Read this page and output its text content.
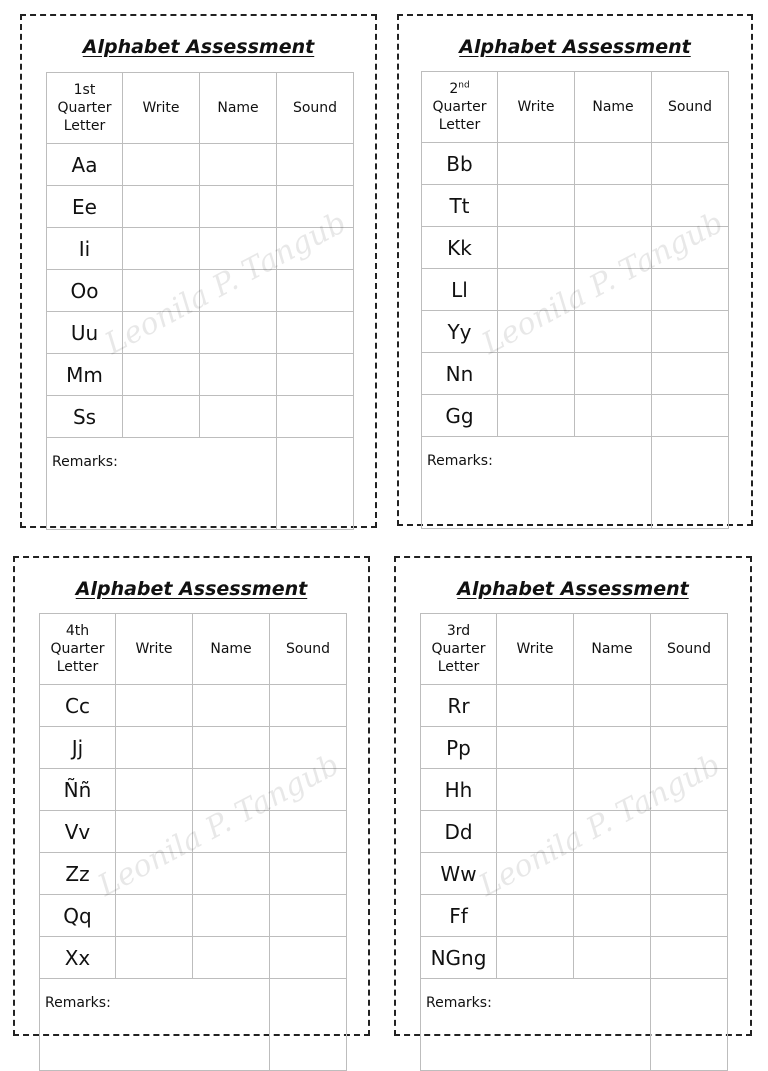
Alphabet Assessment
1st
Quarter
Letter	Write	Name	Sound
Aa			
Ee			
Ii			
Oo			
Uu			
Mm			
Ss			
Remarks:			
Leonila P. Tangub
Alphabet Assessment
2nd
Quarter
Letter	Write	Name	Sound
Bb			
Tt			
Kk			
Ll			
Yy			
Nn			
Gg			
Remarks:			
Leonila P. Tangub
Alphabet Assessment
4th
Quarter
Letter	Write	Name	Sound
Cc			
Jj			
Ññ			
Vv			
Zz			
Qq			
Xx			
Remarks:			
Leonila P. Tangub
Alphabet Assessment
3rd
Quarter
Letter	Write	Name	Sound
Rr			
Pp			
Hh			
Dd			
Ww			
Ff			
NGng			
Remarks:			
Leonila P. Tangub
